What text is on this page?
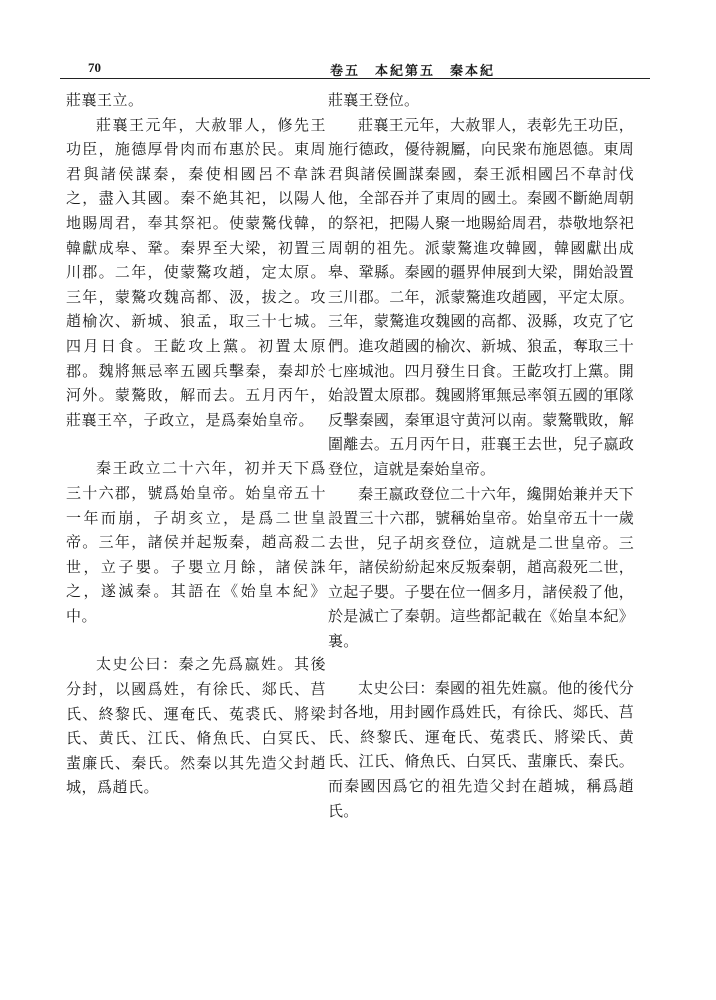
70	卷五　本紀第五　秦本紀

莊襄王立。

莊襄王元年，大赦罪人，修先王功臣，施德厚骨肉而布惠於民。東周君與諸侯謀秦，秦使相國呂不韋誅之，盡入其國。秦不絶其祀，以陽人地賜周君，奉其祭祀。使蒙驁伐韓，韓獻成皋、鞏。秦界至大梁，初置三川郡。二年，使蒙驁攻趙，定太原。三年，蒙驁攻魏高都、汲，拔之。攻趙榆次、新城、狼孟，取三十七城。四月日食。王齕攻上黨。初置太原郡。魏將無忌率五國兵擊秦，秦却於河外。蒙驁敗，解而去。五月丙午，莊襄王卒，子政立，是爲秦始皇帝。

秦王政立二十六年，初并天下爲三十六郡，號爲始皇帝。始皇帝五十一年而崩，子胡亥立，是爲二世皇帝。三年，諸侯并起叛秦，趙高殺二世，立子嬰。子嬰立月餘，諸侯誅之，遂滅秦。其語在《始皇本紀》中。

太史公曰：秦之先爲嬴姓。其後分封，以國爲姓，有徐氏、郯氏、莒氏、終黎氏、運奄氏、菟裘氏、將梁氏、黄氏、江氏、脩魚氏、白冥氏、蜚廉氏、秦氏。然秦以其先造父封趙城，爲趙氏。

莊襄王登位。

莊襄王元年，大赦罪人，表彰先王功臣，施行德政，優待親屬，向民衆布施恩德。東周君與諸侯圖謀秦國，秦王派相國呂不韋討伐他，全部吞并了東周的國土。秦國不斷絶周朝的祭祀，把陽人聚一地賜給周君，恭敬地祭祀周朝的祖先。派蒙驁進攻韓國，韓國獻出成皋、鞏縣。秦國的疆界伸展到大梁，開始設置三川郡。二年，派蒙驁進攻趙國，平定太原。三年，蒙驁進攻魏國的高都、汲縣，攻克了它們。進攻趙國的榆次、新城、狼孟，奪取三十七座城池。四月發生日食。王齕攻打上黨。開始設置太原郡。魏國將軍無忌率領五國的軍隊反擊秦國，秦軍退守黄河以南。蒙驁戰敗，解圍離去。五月丙午日，莊襄王去世，兒子嬴政登位，這就是秦始皇帝。

秦王嬴政登位二十六年，纔開始兼并天下設置三十六郡，號稱始皇帝。始皇帝五十一歲去世，兒子胡亥登位，這就是二世皇帝。三年，諸侯紛紛起來反叛秦朝，趙高殺死二世，立起子嬰。子嬰在位一個多月，諸侯殺了他，於是滅亡了秦朝。這些都記載在《始皇本紀》裏。

太史公曰：秦國的祖先姓嬴。他的後代分封各地，用封國作爲姓氏，有徐氏、郯氏、莒氏、終黎氏、運奄氏、菟裘氏、將梁氏、黄氏、江氏、脩魚氏、白冥氏、蜚廉氏、秦氏。而秦國因爲它的祖先造父封在趙城，稱爲趙氏。
